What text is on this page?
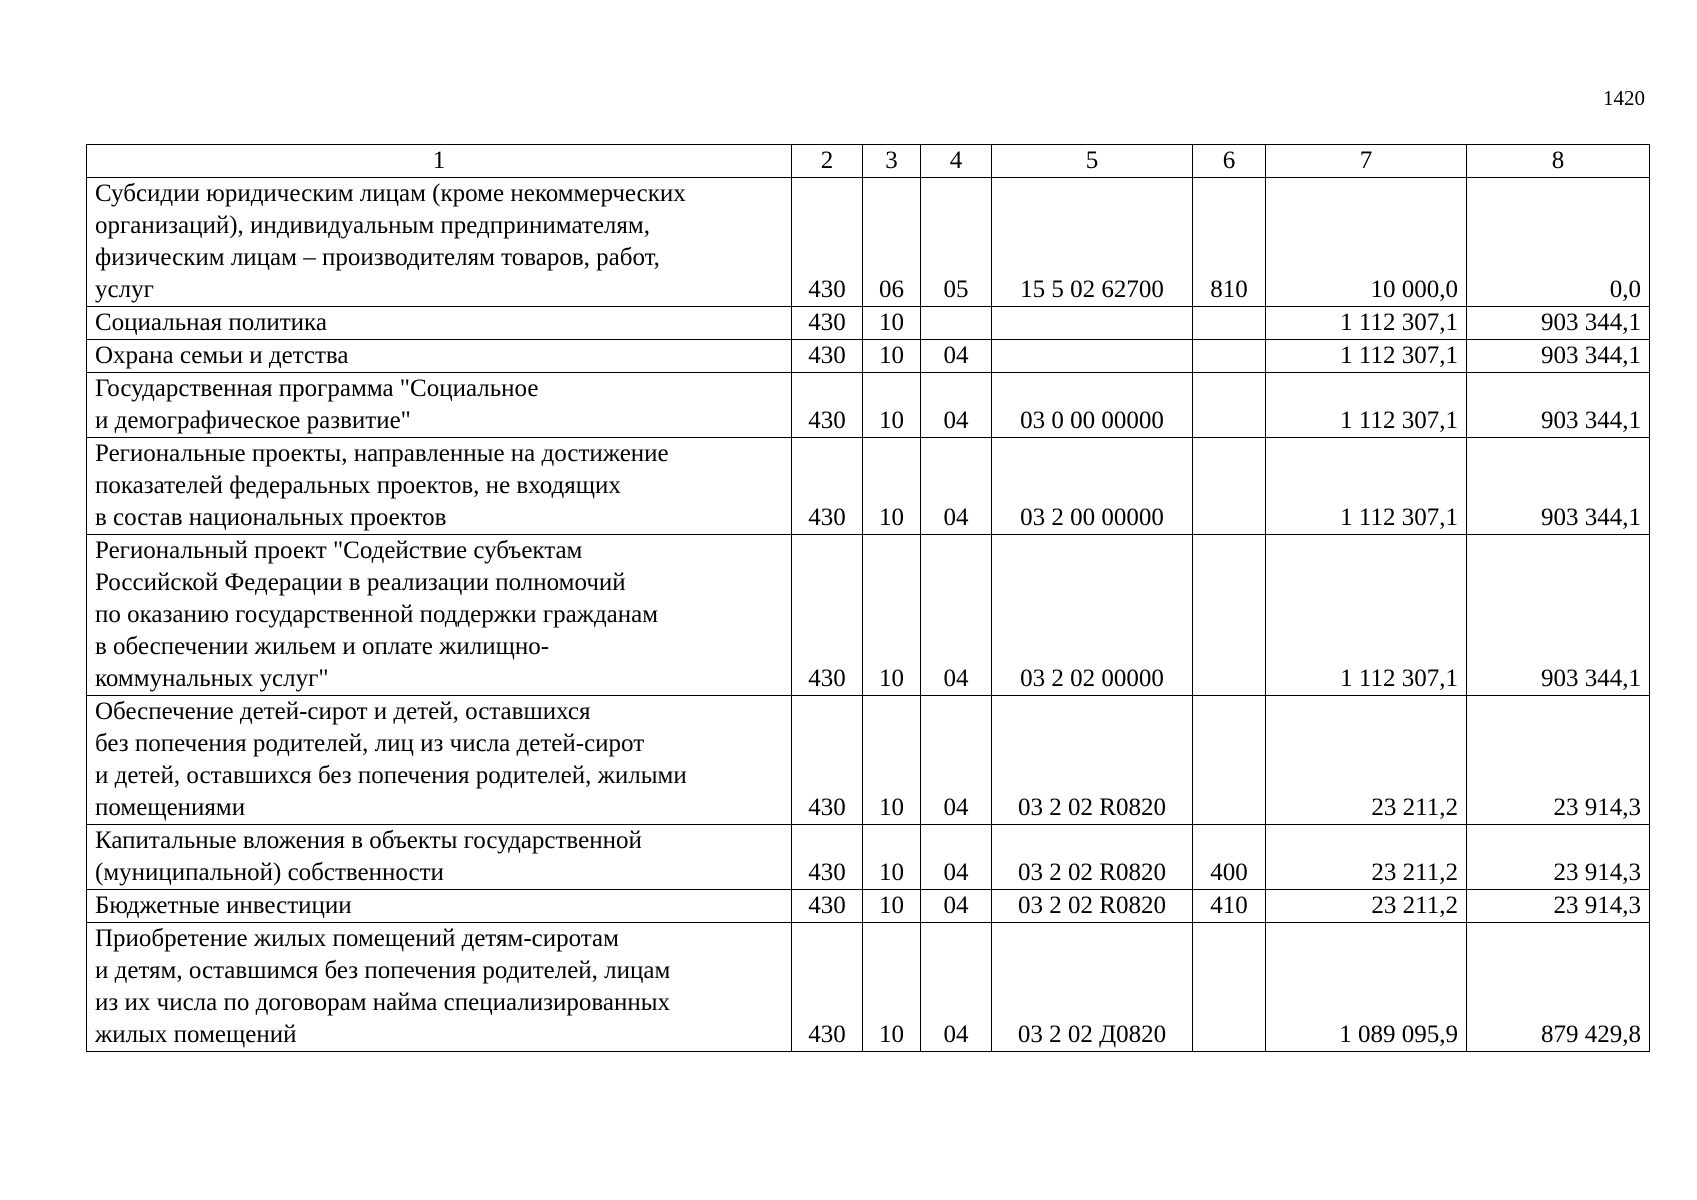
1420
1	2	3	4	5	6	7	8
Субсидии юридическим лицам (кроме некоммерческих
организаций), индивидуальным предпринимателям,
физическим лицам – производителям товаров, работ,
услуг	430	06	05	15 5 02 62700	810	10 000,0	0,0
Социальная политика	430	10				1 112 307,1	903 344,1
Охрана семьи и детства	430	10	04			1 112 307,1	903 344,1
Государственная программа "Социальное
и демографическое развитие"	430	10	04	03 0 00 00000		1 112 307,1	903 344,1
Региональные проекты, направленные на достижение
показателей федеральных проектов, не входящих
в состав национальных проектов	430	10	04	03 2 00 00000		1 112 307,1	903 344,1
Региональный проект "Содействие субъектам
Российской Федерации в реализации полномочий
по оказанию государственной поддержки гражданам
в обеспечении жильем и оплате жилищно-
коммунальных услуг"	430	10	04	03 2 02 00000		1 112 307,1	903 344,1
Обеспечение детей-сирот и детей, оставшихся
без попечения родителей, лиц из числа детей-сирот
и детей, оставшихся без попечения родителей, жилыми
помещениями	430	10	04	03 2 02 R0820		23 211,2	23 914,3
Капитальные вложения в объекты государственной
(муниципальной) собственности	430	10	04	03 2 02 R0820	400	23 211,2	23 914,3
Бюджетные инвестиции	430	10	04	03 2 02 R0820	410	23 211,2	23 914,3
Приобретение жилых помещений детям-сиротам
и детям, оставшимся без попечения родителей, лицам
из их числа по договорам найма специализированных
жилых помещений	430	10	04	03 2 02 Д0820		1 089 095,9	879 429,8
